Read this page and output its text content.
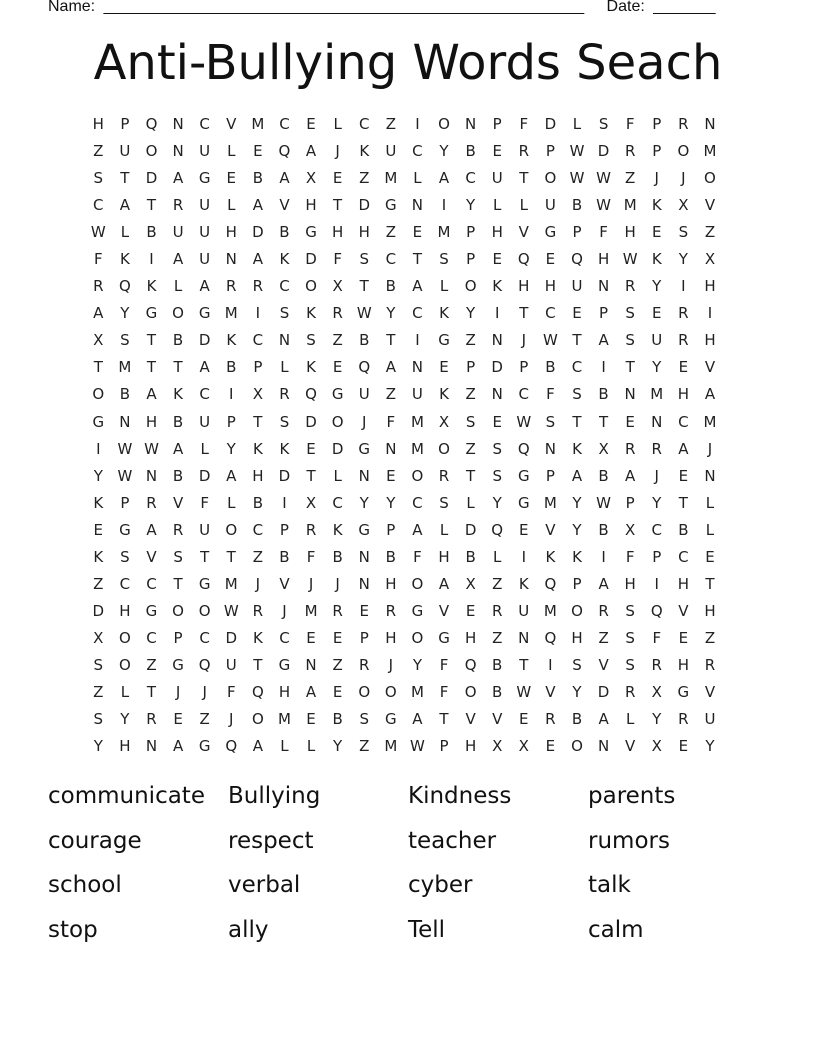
Name: ______________________________________________________ Date: _______
Anti-Bullying Words Seach
H	P	Q	N	C	V M C	E	L	C	Z	I	O	N	P	F	D	L	S	F	P	R	N
Z	U	O	N	U	L	E	Q	A	J	K	U	C	Y	B	E	R	P W D	R	P	O M
S	T	D	A	G	E	B	A	X	E	Z M	L	A	C	U	T	O W W Z	J	J	O
C	A	T	R	U	L	A	V	H	T	D	G	N	I	Y	L	L	U	B W M	K	X	V
W L	B	U	U	H	D	B	G	H	H	Z	E	M	P	H	V	G	P	F	H	E	S	Z
F	K	I	A	U	N	A	K	D	F	S	C	T	S	P	E	Q	E	Q	H W K	Y	X
R	Q	K	L	A	R	R	C	O	X	T	B	A	L	O	K	H	H	U	N	R	Y	I	H
A	Y	G O G M	I	S	K	R W Y	C	K	Y	I	T	C	E	P	S	E	R	I
X	S	T	B	D	K	C	N	S	Z	B	T	I	G	Z	N	J	W T	A	S	U	R	H
T	M	T	T	A	B	P	L	K	E	Q	A	N	E	P	D	P	B	C	I	T	Y	E	V
O	B	A	K	C	I	X	R	Q G	U	Z	U	K	Z	N	C	F	S	B	N M H	A
G	N	H	B	U	P	T	S	D O	J	F	M X	S	E W S	T	T	E	N	C M
I	W W A	L	Y	K	K	E	D	G	N M O	Z	S	Q	N	K	X	R	R	A	J
Y W N	B	D	A	H	D	T	L	N	E	O	R	T	S	G	P	A	B	A	J	E	N
K	P	R	V	F	L	B	I	X	C	Y	Y	C	S	L	Y	G M	Y W P	Y	T	L
E	G	A	R	U	O	C	P	R	K	G	P	A	L	D Q	E	V	Y	B	X	C	B	L
K	S	V	S	T	T	Z	B	F	B	N	B	F	H	B	L	I	K	K	I	F	P	C	E
Z	C	C	T	G M	J	V	J	J	N	H	O	A	X	Z	K	Q	P	A	H	I	H	T
D	H	G O O W R	J	M R	E	R	G	V	E	R	U M O	R	S	Q	V	H
X	O	C	P	C	D	K	C	E	E	P	H	O G	H	Z	N	Q	H	Z	S	F	E	Z
S	O	Z	G Q	U	T	G	N	Z	R	J	Y	F	Q	B	T	I	S	V	S	R	H	R
Z	L	T	J	J	F	Q	H	A	E	O O M	F	O	B W V	Y	D	R	X	G	V
S	Y	R	E	Z	J	O M	E	B	S	G	A	T	V	V	E	R	B	A	L	Y	R	U
Y	H	N	A	G Q	A	L	L	Y	Z M W P	H	X	X	E	O	N	V	X	E	Y
communicate	Bullying	Kindness	parents
courage	respect	teacher	rumors
school	verbal	cyber	talk
stop	ally	Tell	calm
